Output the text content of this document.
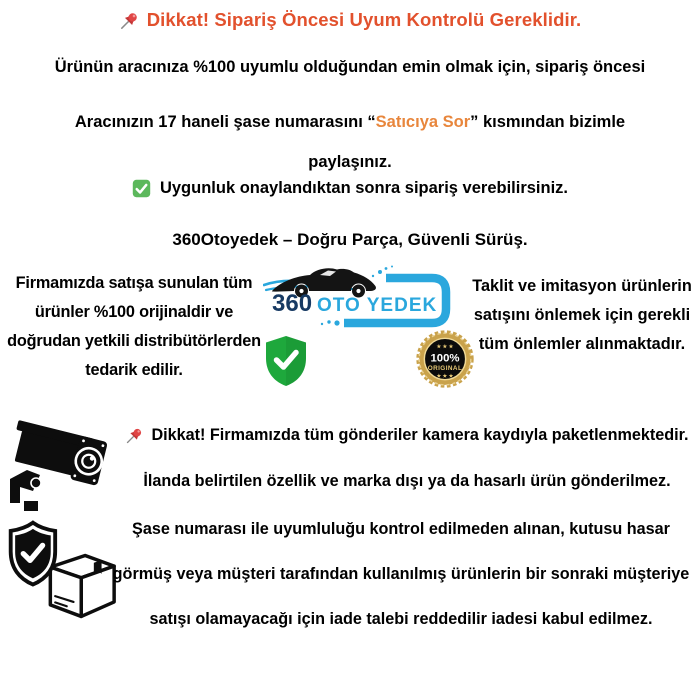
Dikkat! Sipariş Öncesi Uyum Kontrolü Gereklidir.
Ürünün aracınıza %100 uyumlu olduğundan emin olmak için, sipariş öncesi
Aracınızın 17 haneli şase numarasını “Satıcıya Sor” kısmından bizimle paylaşınız.
Uygunluk onaylandıktan sonra sipariş verebilirsiniz.
360Otoyedek – Doğru Parça, Güvenli Sürüş.
Firmamızda satışa sunulan tüm ürünler %100 orijinaldir ve doğrudan yetkili distribütörlerden tedarik edilir.
360 OTO YEDEK
★ ★ ★
100%
ORIGINAL
★ ★ ★
Taklit ve imitasyon ürünlerin satışını önlemek için gerekli tüm önlemler alınmaktadır.
Dikkat! Firmamızda tüm gönderiler kamera kaydıyla paketlenmektedir.
İlanda belirtilen özellik ve marka dışı ya da hasarlı ürün gönderilmez.
Şase numarası ile uyumluluğu kontrol edilmeden alınan, kutusu hasar
görmüş veya müşteri tarafından kullanılmış ürünlerin bir sonraki müşteriye
satışı olamayacağı için iade talebi reddedilir iadesi kabul edilmez.
